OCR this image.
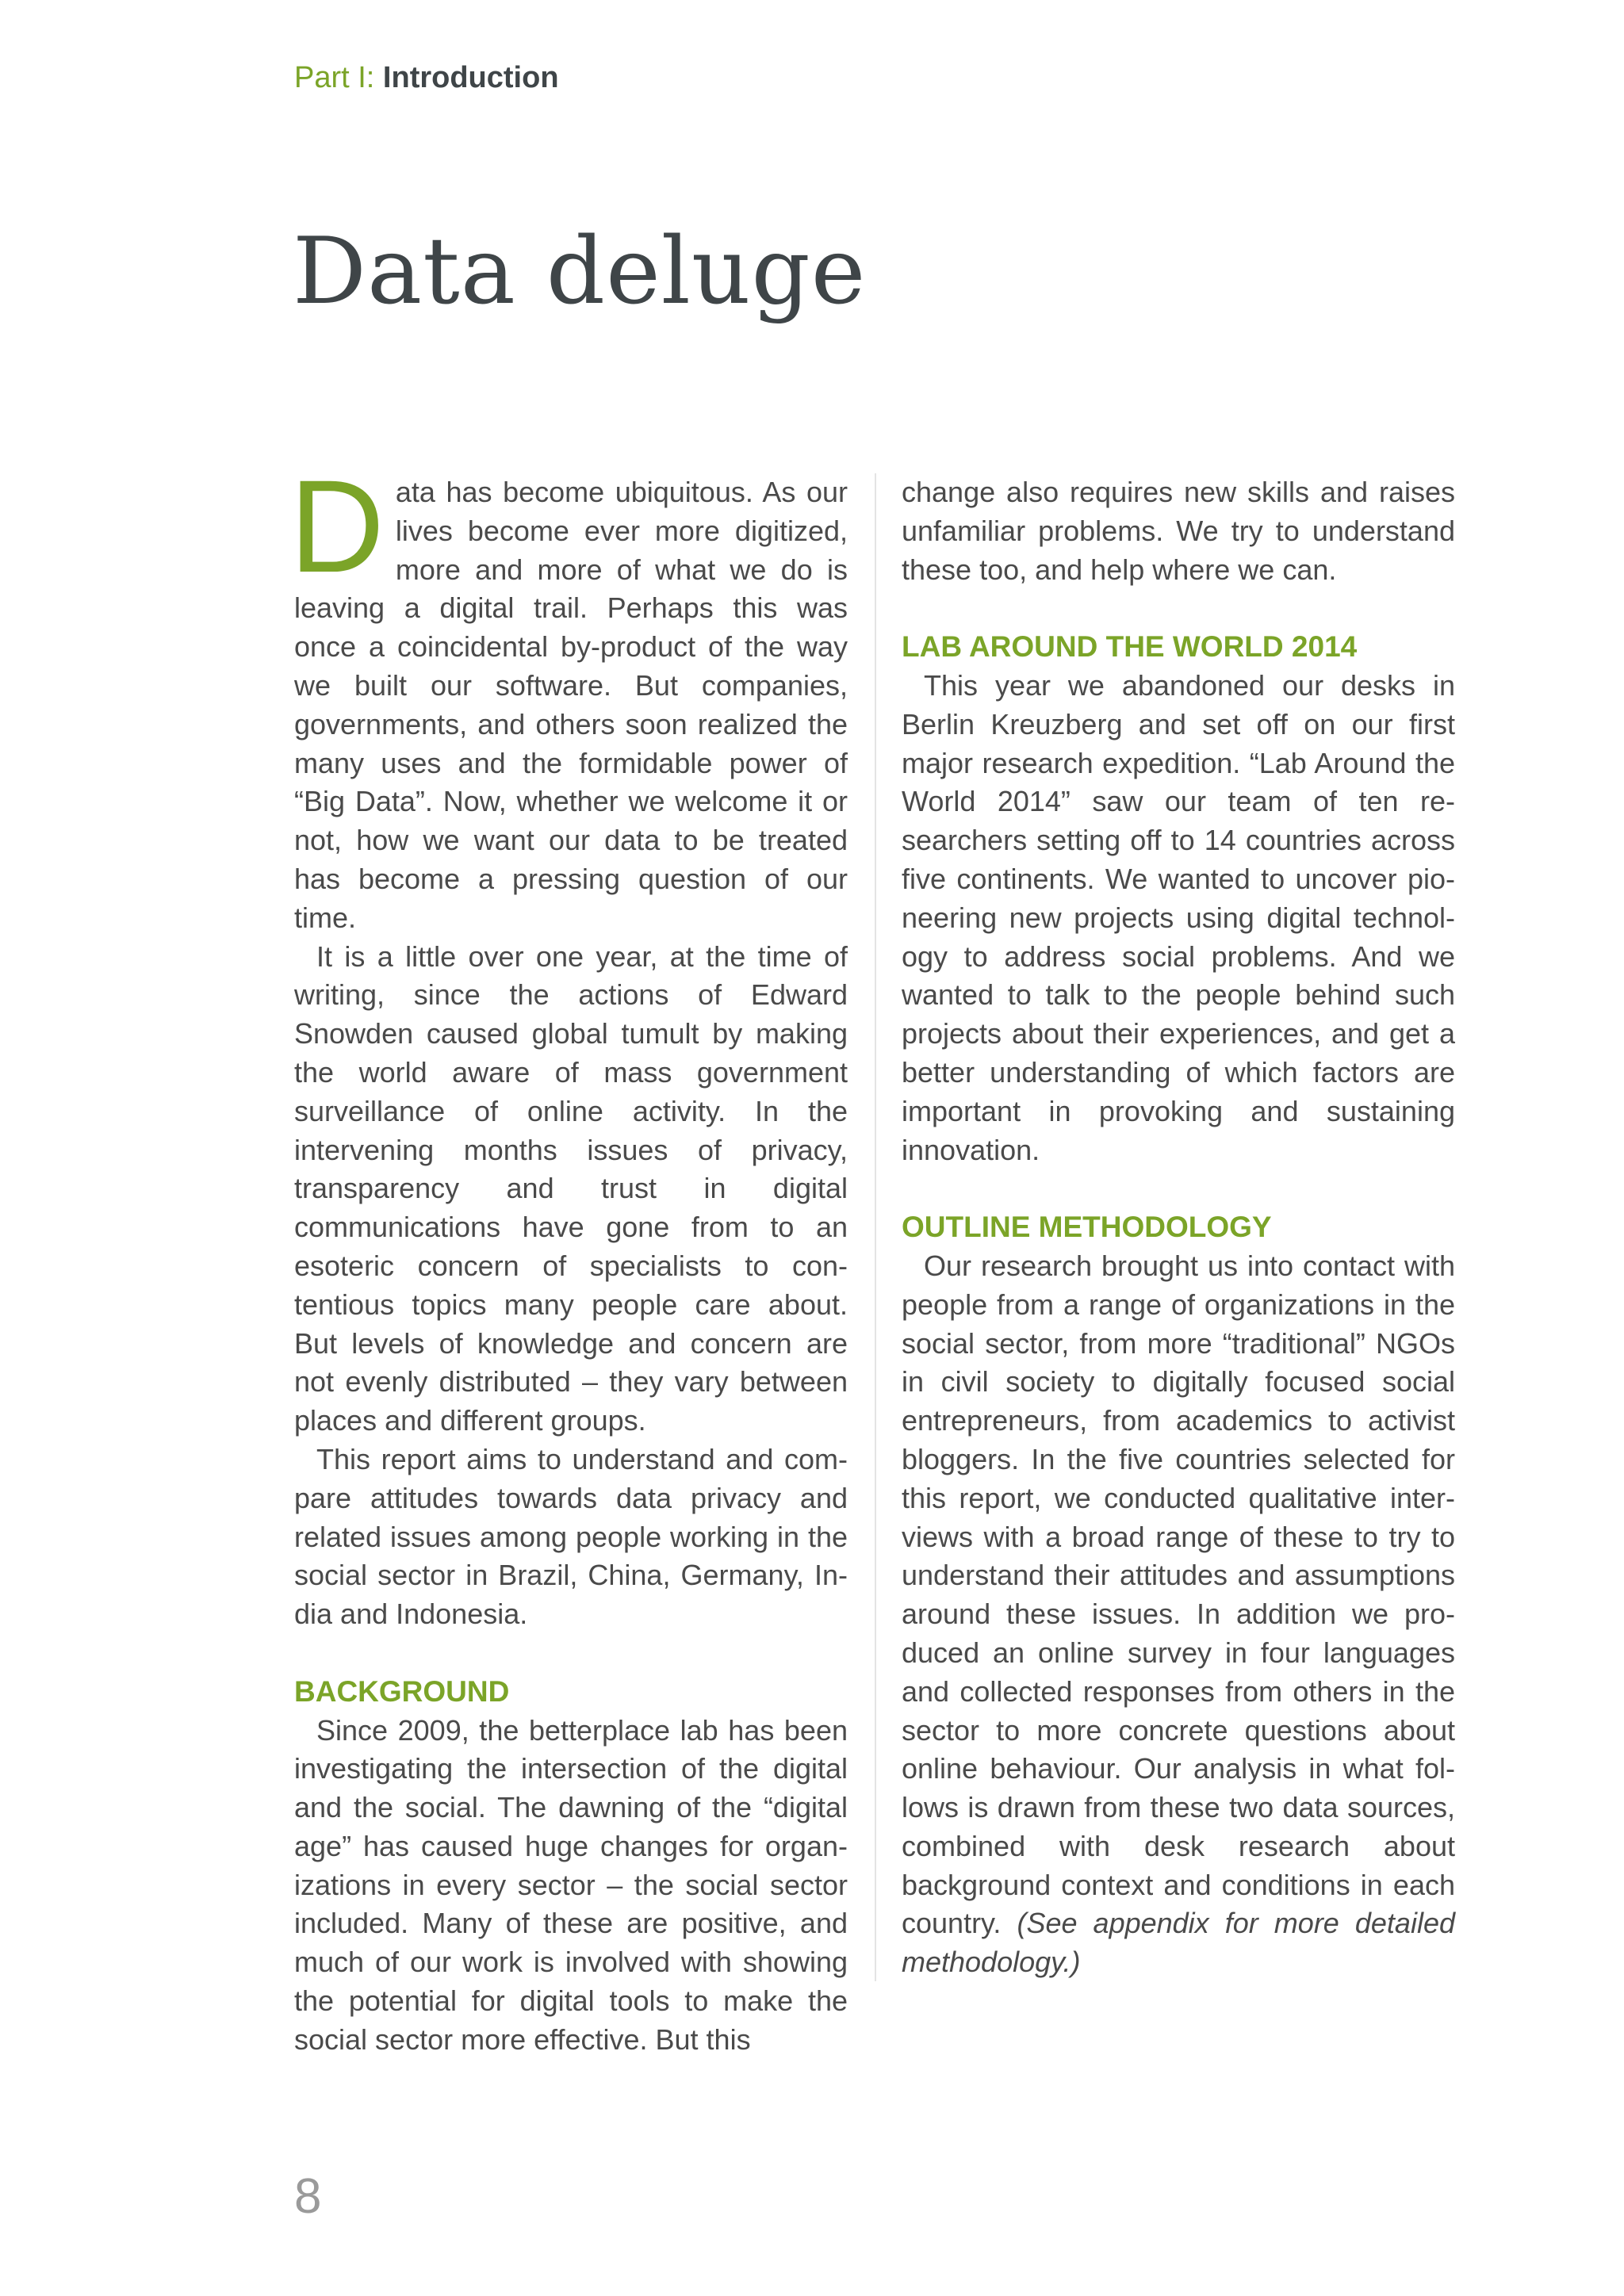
Part I: Introduction
Data deluge

Data has become ubiquitous. As our lives become ever more digitized, more and more of what we do is leaving a digital trail. Perhaps this was once a coincidental by-product of the way we built our software. But companies, governments, and others soon realized the many uses and the formidable power of “Big Data”. Now, whether we welcome it or not, how we want our data to be treated has become a pressing question of our time.

It is a little over one year, at the time of writing, since the actions of Edward Snowden caused global tumult by making the world aware of mass government surveillance of online activity. In the intervening months issues of privacy, transparency and trust in digital communications have gone from to an esoteric concern of specialists to contentious topics many people care about. But levels of knowledge and concern are not evenly distributed – they vary between places and different groups.

This report aims to understand and compare attitudes towards data privacy and related issues among people working in the social sector in Brazil, China, Germany, India and Indonesia.

BACKGROUND

Since 2009, the betterplace lab has been investigating the intersection of the digital and the social. The dawning of the “digital age” has caused huge changes for organizations in every sector – the social sector included. Many of these are positive, and much of our work is involved with showing the potential for digital tools to make the social sector more effective. But this

change also requires new skills and raises unfamiliar problems. We try to understand these too, and help where we can.

LAB AROUND THE WORLD 2014

This year we abandoned our desks in Berlin Kreuzberg and set off on our first major research expedition. “Lab Around the World 2014” saw our team of ten researchers setting off to 14 countries across five continents. We wanted to uncover pioneering new projects using digital technology to address social problems. And we wanted to talk to the people behind such projects about their experiences, and get a better understanding of which factors are important in provoking and sustaining innovation.

OUTLINE METHODOLOGY

Our research brought us into contact with people from a range of organizations in the social sector, from more “traditional” NGOs in civil society to digitally focused social entrepreneurs, from academics to activist bloggers. In the five countries selected for this report, we conducted qualitative interviews with a broad range of these to try to understand their attitudes and assumptions around these issues. In addition we produced an online survey in four languages and collected responses from others in the sector to more concrete questions about online behaviour. Our analysis in what follows is drawn from these two data sources, combined with desk research about background context and conditions in each country. (See appendix for more detailed methodology.)

8
